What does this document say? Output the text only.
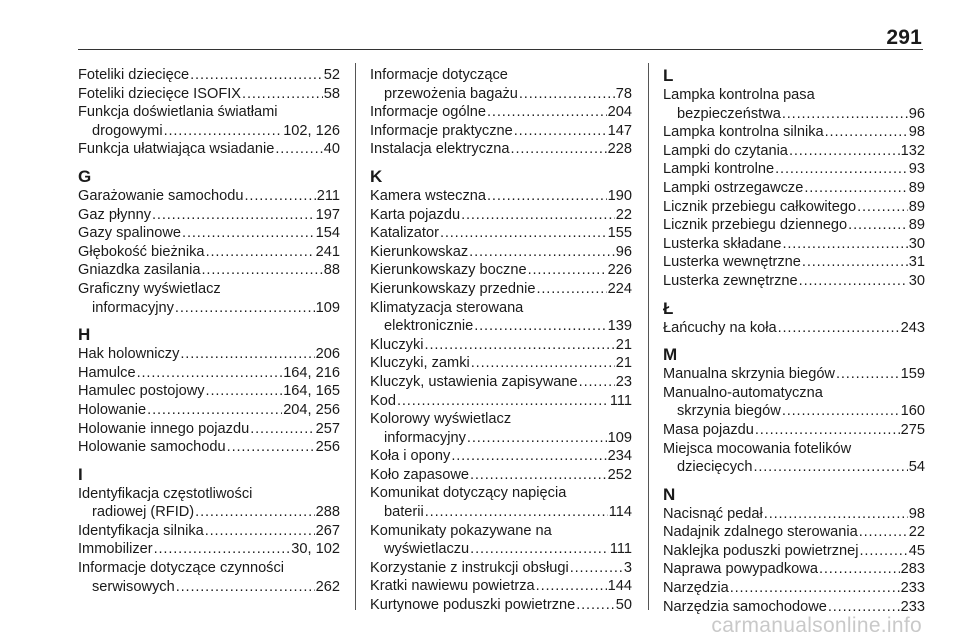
291
Foteliki dziecięce . . .	52
Foteliki dziecięce ISOFIX . . .	58
Funkcja doświetlania światłami
drogowymi . . .	102, 126
Funkcja ułatwiająca wsiadanie . . .	40
G
Garażowanie samochodu . . .	211
Gaz płynny . . .	197
Gazy spalinowe . . .	154
Głębokość bieżnika . . .	241
Gniazdka zasilania . . .	88
Graficzny wyświetlacz
informacyjny . . .	109
H
Hak holowniczy . . .	206
Hamulce . . .	164, 216
Hamulec postojowy . . .	164, 165
Holowanie . . .	204, 256
Holowanie innego pojazdu . . .	257
Holowanie samochodu . . .	256
I
Identyfikacja częstotliwości
radiowej (RFID) . . .	288
Identyfikacja silnika . . .	267
Immobilizer . . .	30, 102
Informacje dotyczące czynności
serwisowych . . .	262
Informacje dotyczące
przewożenia bagażu . . .	78
Informacje ogólne . . .	204
Informacje praktyczne . . .	147
Instalacja elektryczna . . .	228
K
Kamera wsteczna . . .	190
Karta pojazdu . . .	22
Katalizator . . .	155
Kierunkowskaz . . .	96
Kierunkowskazy boczne . . .	226
Kierunkowskazy przednie . . .	224
Klimatyzacja sterowana
elektronicznie . . .	139
Kluczyki . . .	21
Kluczyki, zamki . . .	21
Kluczyk, ustawienia zapisywane . . .	23
Kod . . .	111
Kolorowy wyświetlacz
informacyjny . . .	109
Koła i opony . . .	234
Koło zapasowe . . .	252
Komunikat dotyczący napięcia
baterii . . .	114
Komunikaty pokazywane na
wyświetlaczu . . .	111
Korzystanie z instrukcji obsługi . . .	3
Kratki nawiewu powietrza . . .	144
Kurtynowe poduszki powietrzne . . .	50
L
Lampka kontrolna pasa
bezpieczeństwa . . .	96
Lampka kontrolna silnika . . .	98
Lampki do czytania . . .	132
Lampki kontrolne . . .	93
Lampki ostrzegawcze . . .	89
Licznik przebiegu całkowitego . . .	89
Licznik przebiegu dziennego . . .	89
Lusterka składane . . .	30
Lusterka wewnętrzne . . .	31
Lusterka zewnętrzne . . .	30
Ł
Łańcuchy na koła . . .	243
M
Manualna skrzynia biegów . . .	159
Manualno-automatyczna
skrzynia biegów . . .	160
Masa pojazdu . . .	275
Miejsca mocowania fotelików
dziecięcych . . .	54
N
Nacisnąć pedał . . .	98
Nadajnik zdalnego sterowania . . .	22
Naklejka poduszki powietrznej . . .	45
Naprawa powypadkowa . . .	283
Narzędzia . . .	233
Narzędzia samochodowe . . .	233
carmanualsonline.info
